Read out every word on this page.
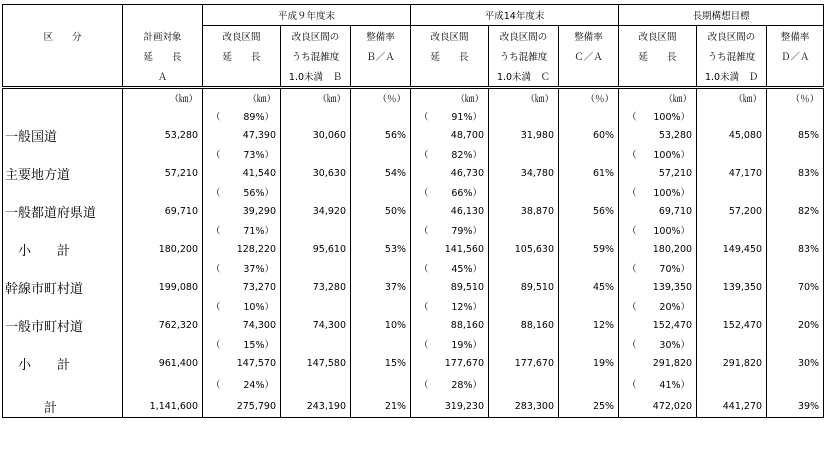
		平成９年度末			平成14年度末			長期構想目標		
区　　分	計画対象	改良区間	改良区間の	整備率	改良区間	改良区間の	整備率	改良区間	改良区間の	整備率
	延　　長	延　　長	うち混雑度	Ｂ／Ａ	延　　長	うち混雑度	Ｃ／Ａ	延　　長	うち混雑度	Ｄ／Ａ
	Ａ		1.0未満　 Ｂ			1.0未満　 Ｃ			1.0未満　 Ｄ	
	（㎞）	（㎞）	（㎞）	（％）	（㎞）	（㎞）	（％）	（㎞）	（㎞）	（％）

		（ 89%）			（ 91%）			（ 100%）		

一般国道	53,280	47,390	30,060	56%	48,700	31,980	60%	53,280	45,080	85%

		（ 73%）			（ 82%）			（ 100%）		

主要地方道	57,210	41,540	30,630	54%	46,730	34,780	61%	57,210	47,170	83%

		（ 56%）			（ 66%）			（ 100%）		

一般都道府県道	69,710	39,290	34,920	50%	46,130	38,870	56%	69,710	57,200	82%

		（ 71%）			（ 79%）			（ 100%）		

　小　　計	180,200	128,220	95,610	53%	141,560	105,630	59%	180,200	149,450	83%

		（ 37%）			（ 45%）			（ 70%）		

幹線市町村道	199,080	73,270	73,280	37%	89,510	89,510	45%	139,350	139,350	70%

		（ 10%）			（ 12%）			（ 20%）		

一般市町村道	762,320	74,300	74,300	10%	88,160	88,160	12%	152,470	152,470	20%

		（ 15%）			（ 19%）			（ 30%）		

　小　　計	961,400	147,570	147,580	15%	177,670	177,670	19%	291,820	291,820	30%

		（ 24%）			（ 28%）			（ 41%）		

　　　計	1,141,600	275,790	243,190	21%	319,230	283,300	25%	472,020	441,270	39%
